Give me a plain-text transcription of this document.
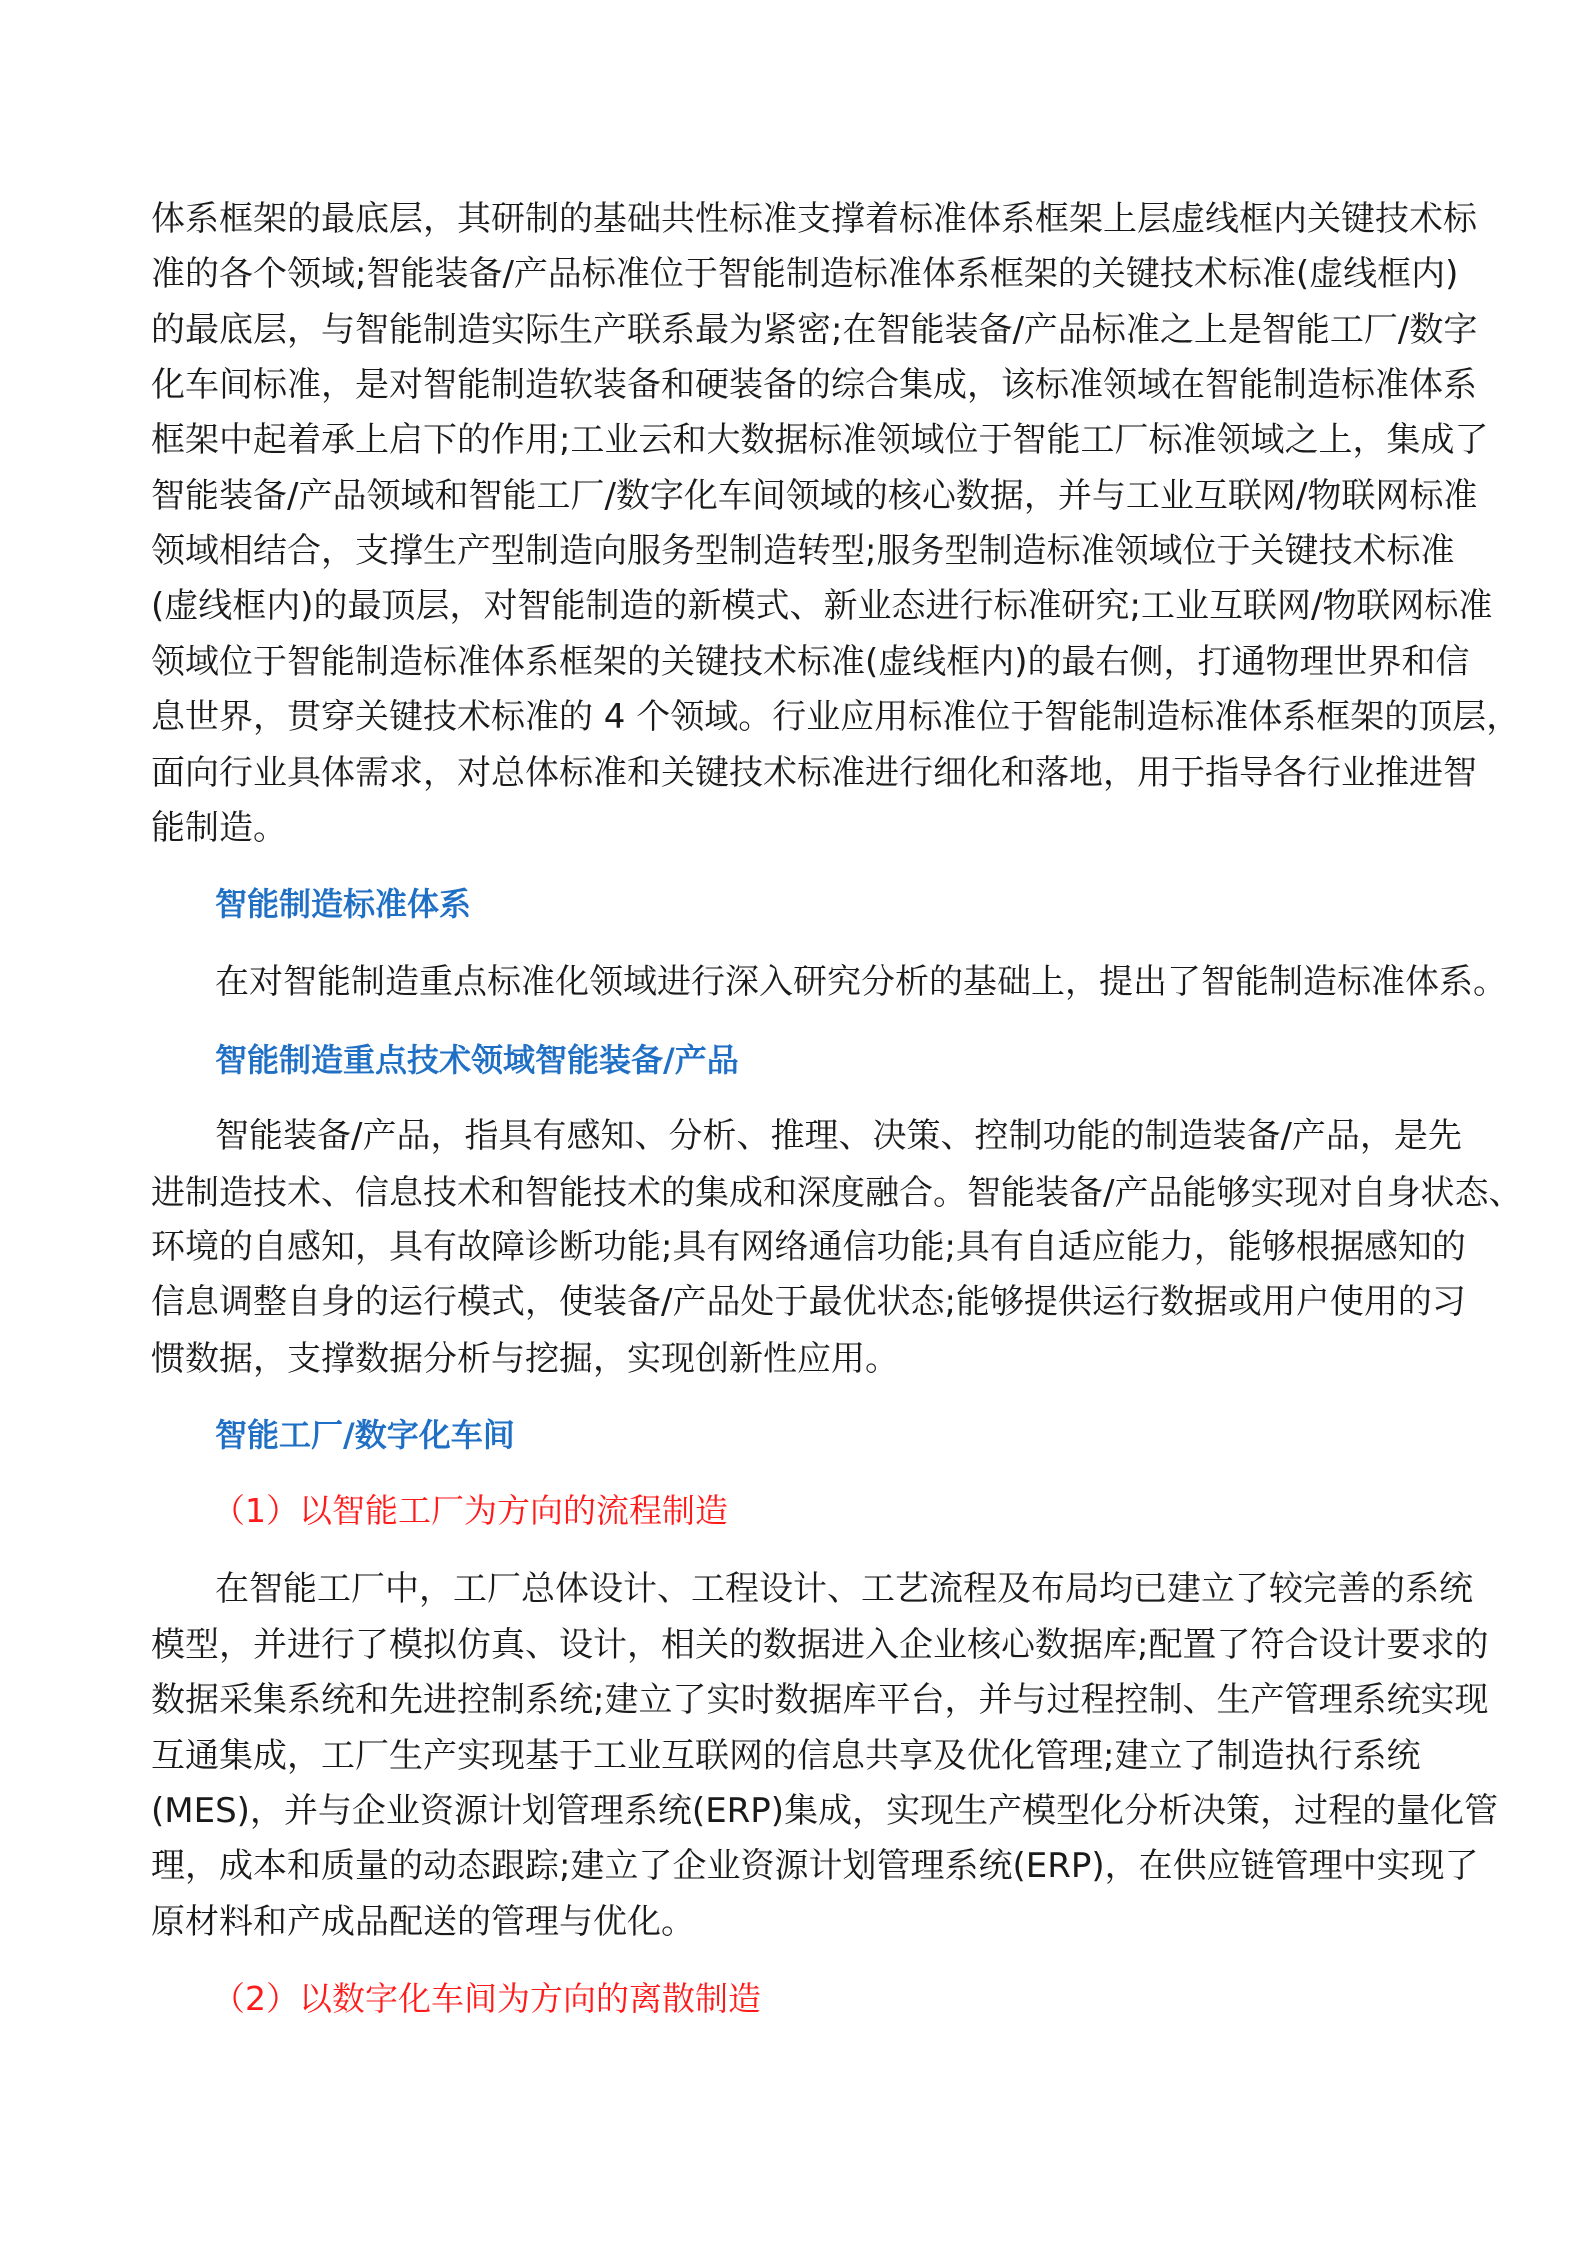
体系框架的最底层，其研制的基础共性标准支撑着标准体系框架上层虚线框内关键技术标
准的各个领域;智能装备/产品标准位于智能制造标准体系框架的关键技术标准(虚线框内)
的最底层，与智能制造实际生产联系最为紧密;在智能装备/产品标准之上是智能工厂/数字
化车间标准，是对智能制造软装备和硬装备的综合集成，该标准领域在智能制造标准体系
框架中起着承上启下的作用;工业云和大数据标准领域位于智能工厂标准领域之上，集成了
智能装备/产品领域和智能工厂/数字化车间领域的核心数据，并与工业互联网/物联网标准
领域相结合，支撑生产型制造向服务型制造转型;服务型制造标准领域位于关键技术标准
(虚线框内)的最顶层，对智能制造的新模式、新业态进行标准研究;工业互联网/物联网标准
领域位于智能制造标准体系框架的关键技术标准(虚线框内)的最右侧，打通物理世界和信
息世界，贯穿关键技术标准的 4 个领域。行业应用标准位于智能制造标准体系框架的顶层，
面向行业具体需求，对总体标准和关键技术标准进行细化和落地，用于指导各行业推进智
能制造。
智能制造标准体系
在对智能制造重点标准化领域进行深入研究分析的基础上，提出了智能制造标准体系。
智能制造重点技术领域智能装备/产品
智能装备/产品，指具有感知、分析、推理、决策、控制功能的制造装备/产品，是先
进制造技术、信息技术和智能技术的集成和深度融合。智能装备/产品能够实现对自身状态、
环境的自感知，具有故障诊断功能;具有网络通信功能;具有自适应能力，能够根据感知的
信息调整自身的运行模式，使装备/产品处于最优状态;能够提供运行数据或用户使用的习
惯数据，支撑数据分析与挖掘，实现创新性应用。
智能工厂/数字化车间
（1）以智能工厂为方向的流程制造
在智能工厂中，工厂总体设计、工程设计、工艺流程及布局均已建立了较完善的系统
模型，并进行了模拟仿真、设计，相关的数据进入企业核心数据库;配置了符合设计要求的
数据采集系统和先进控制系统;建立了实时数据库平台，并与过程控制、生产管理系统实现
互通集成，工厂生产实现基于工业互联网的信息共享及优化管理;建立了制造执行系统
(MES)，并与企业资源计划管理系统(ERP)集成，实现生产模型化分析决策，过程的量化管
理，成本和质量的动态跟踪;建立了企业资源计划管理系统(ERP)，在供应链管理中实现了
原材料和产成品配送的管理与优化。
（2）以数字化车间为方向的离散制造
